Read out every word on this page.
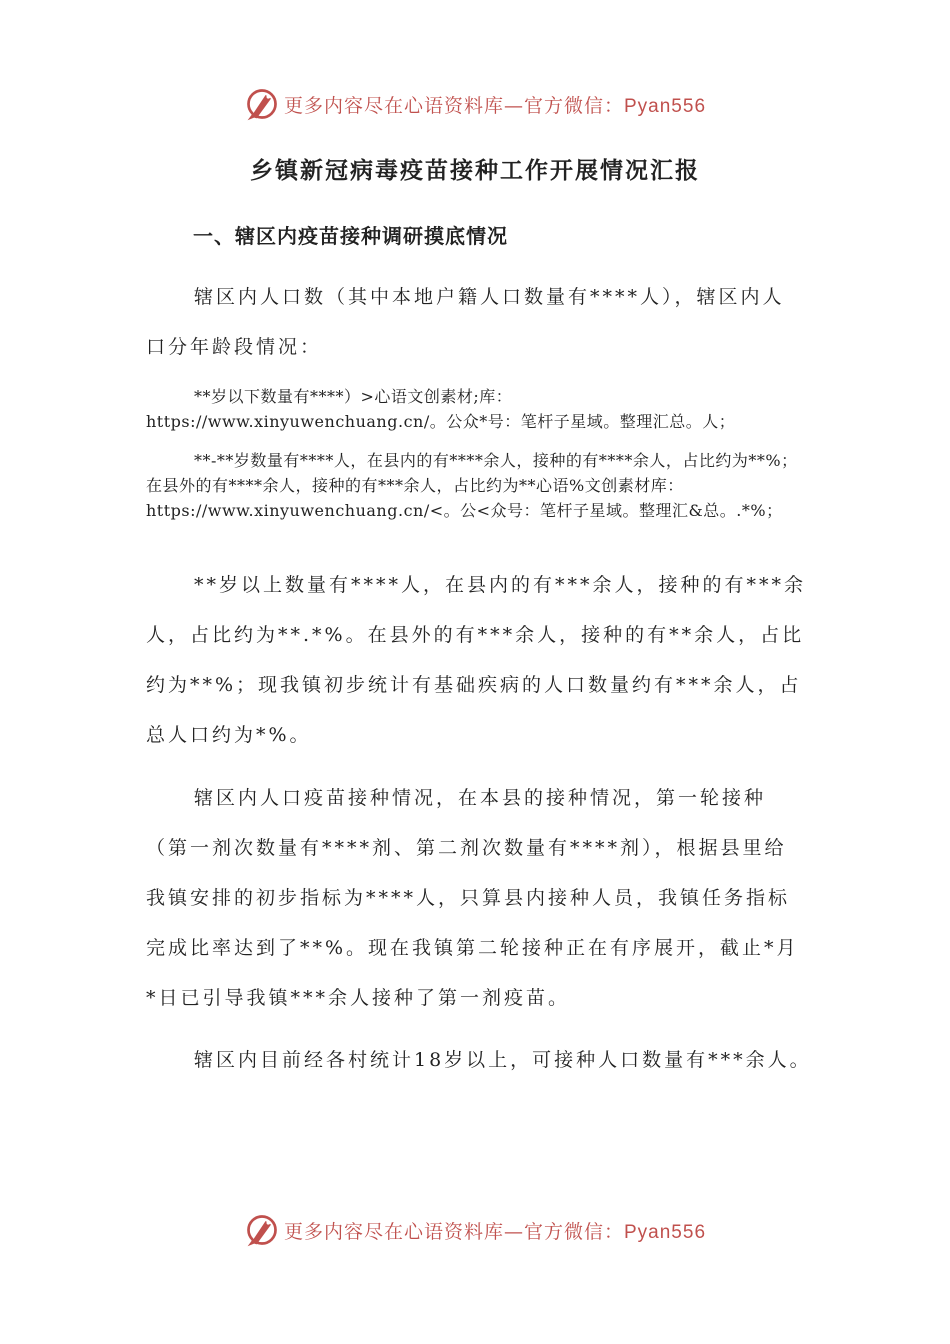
更多内容尽在心语资料库—官方微信：Pyan556
乡镇新冠病毒疫苗接种工作开展情况汇报
一、辖区内疫苗接种调研摸底情况

辖区内人口数（其中本地户籍人口数量有****人），辖区内人口分年龄段情况：

**岁以下数量有****）>心语文创素材;库：https://www.xinyuwenchuang.cn/。公众*号：笔杆子星域。整理汇总。人；

**-**岁数量有****人，在县内的有****余人，接种的有****余人，占比约为**%；在县外的有****余人，接种的有***余人，占比约为**心语%文创素材库：https://www.xinyuwenchuang.cn/<。公<众号：笔杆子星域。整理汇&总。.*%；

**岁以上数量有****人，在县内的有***余人，接种的有***余人，占比约为**.*%。在县外的有***余人，接种的有**余人，占比约为**%；现我镇初步统计有基础疾病的人口数量约有***余人，占总人口约为*%。

辖区内人口疫苗接种情况，在本县的接种情况，第一轮接种（第一剂次数量有****剂、第二剂次数量有****剂），根据县里给我镇安排的初步指标为****人，只算县内接种人员，我镇任务指标完成比率达到了**%。现在我镇第二轮接种正在有序展开，截止*月*日已引导我镇***余人接种了第一剂疫苗。

辖区内目前经各村统计18岁以上，可接种人口数量有***余人。

更多内容尽在心语资料库—官方微信：Pyan556
